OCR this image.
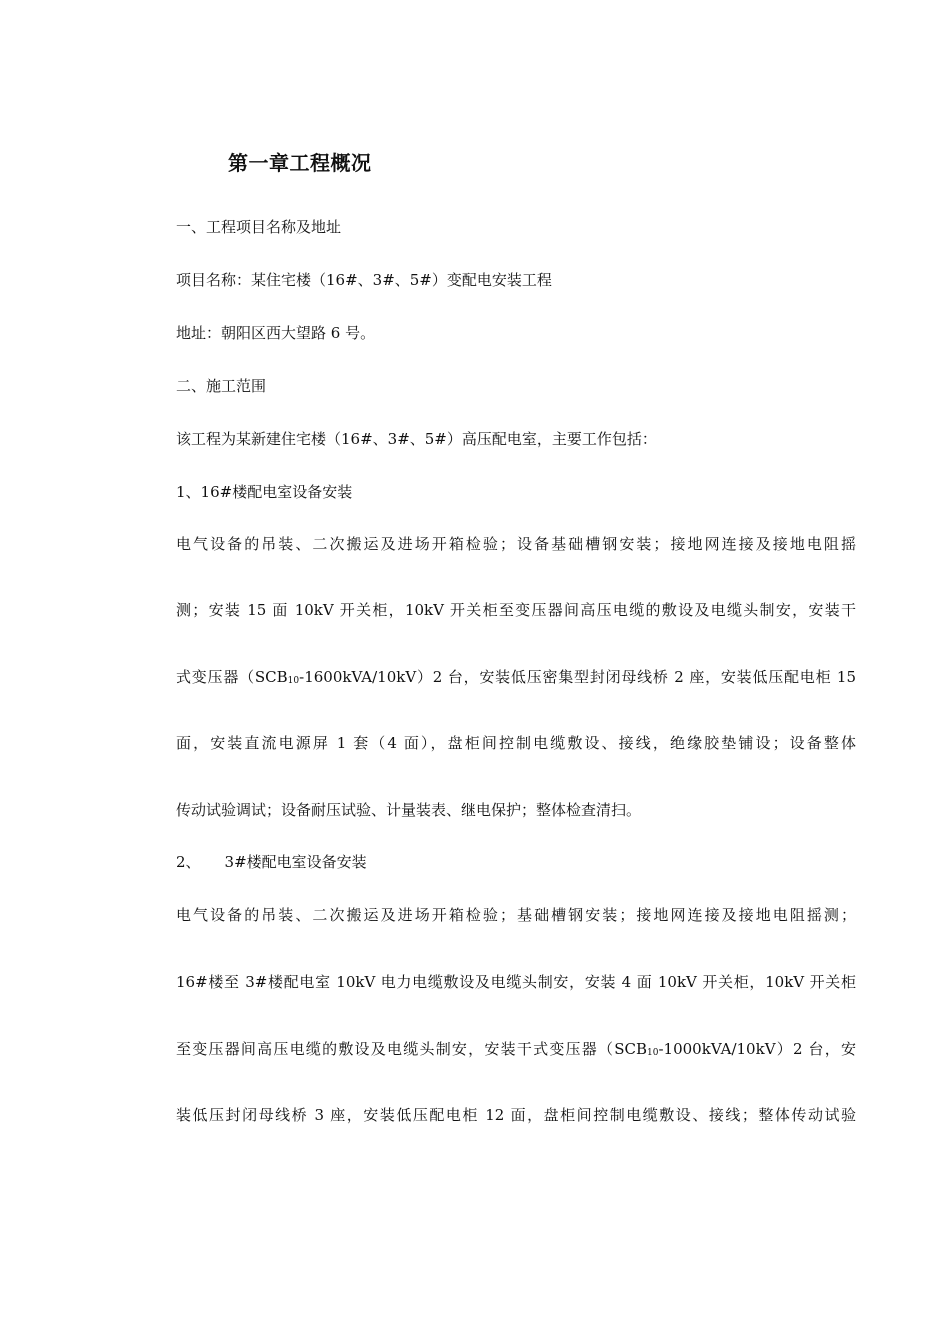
第一章工程概况
一、工程项目名称及地址
项目名称：某住宅楼（16#、3#、5#）变配电安装工程
地址：朝阳区西大望路 6 号。
二、施工范围
该工程为某新建住宅楼（16#、3#、5#）高压配电室，主要工作包括：
1、16#楼配电室设备安装
电气设备的吊装、二次搬运及进场开箱检验；设备基础槽钢安装；接地网连接及接地电阻摇
测；安装 15 面 10kV 开关柜，10kV 开关柜至变压器间高压电缆的敷设及电缆头制安，安装干
式变压器（SCB10-1600kVA/10kV）2 台，安装低压密集型封闭母线桥 2 座，安装低压配电柜 15
面，安装直流电源屏 1 套（4 面），盘柜间控制电缆敷设、接线，绝缘胶垫铺设；设备整体
传动试验调试；设备耐压试验、计量装表、继电保护；整体检查清扫。
2、 3#楼配电室设备安装
电气设备的吊装、二次搬运及进场开箱检验；基础槽钢安装；接地网连接及接地电阻摇测；
16#楼至 3#楼配电室 10kV 电力电缆敷设及电缆头制安，安装 4 面 10kV 开关柜，10kV 开关柜
至变压器间高压电缆的敷设及电缆头制安，安装干式变压器（SCB10-1000kVA/10kV）2 台，安
装低压封闭母线桥 3 座，安装低压配电柜 12 面，盘柜间控制电缆敷设、接线；整体传动试验
